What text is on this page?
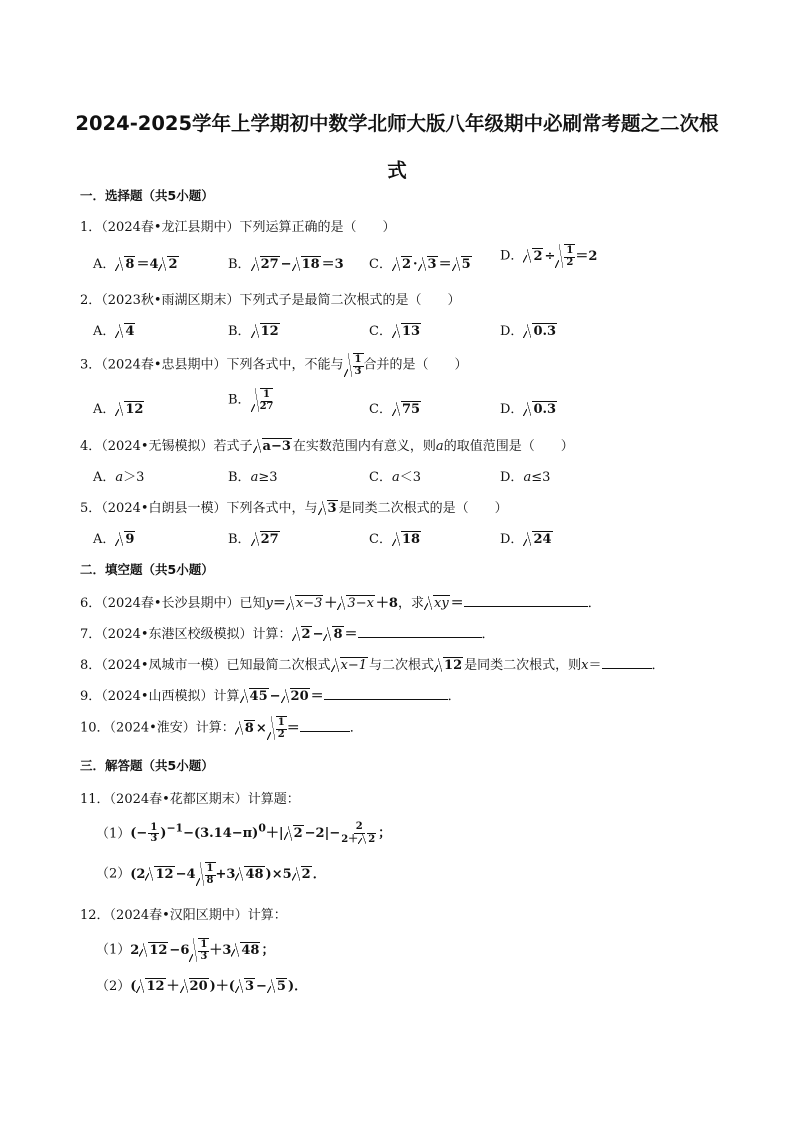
2024-2025学年上学期初中数学北师大版八年级期中必刷常考题之二次根
式
一．选择题（共5小题）
1．（2024春•龙江县期中）下列运算正确的是（　　）
A． 8 ＝4 2	B． 27 − 18 ＝3 C． 2 · 3 ＝ 5
D． $2 \div \frac{1}{2} =2$
2．（2023秋•雨湖区期末）下列式子是最简二次根式的是（　　）
A． 4	B． 12	C． 13	D． 0.3
3．（2024春•忠县期中）下列各式中，不能与 $\frac{1}{3}$ 合并的是（　　）
A． 12
B． $\frac{1}{27}$	C． 75	D． 0.3
4．（2024•无锡模拟）若式子 a−3 在实数范围内有意义，则a的取值范围是（　　）
A．a＞3	B．a≥3	C．a＜3	D．a≤3
5．（2024•白朗县一模）下列各式中，与 3 是同类二次根式的是（　　）
A． 9	B． 27	C． 18	D． 24
二．填空题（共5小题）
6．（2024春•长沙县期中）已知y＝ x−3 ＋ 3−x ＋8，求 xy ＝	．
7．（2024•东港区校级模拟）计算： 2 − 8 ＝	．
8．（2024•凤城市一模）已知最简二次根式 x−1 与二次根式 12 是同类二次根式，则x＝	．
9．（2024•山西模拟）计算 45 − 20 ＝	．
10．（2024•淮安）计算： $8 \times \frac{1}{2}$ ＝	．
三．解答题（共5小题）
11．（2024春•花都区期末）计算题：
$(1)(- \frac{1}{3} )^{-1}-(3.14-\pi)^0+|$ $2 -2|- \frac{2}{2+ 2}$ ；
（2）(2 $12 -4 \frac{1}{8} +3$ 48 )×5 2 ．
12．（2024春•汉阳区期中）计算：
（1）2 $12 -6 \frac{1}{3} +3$ 48 ；
（2）( 12 ＋ 20 )＋( 3 − 5 )．
